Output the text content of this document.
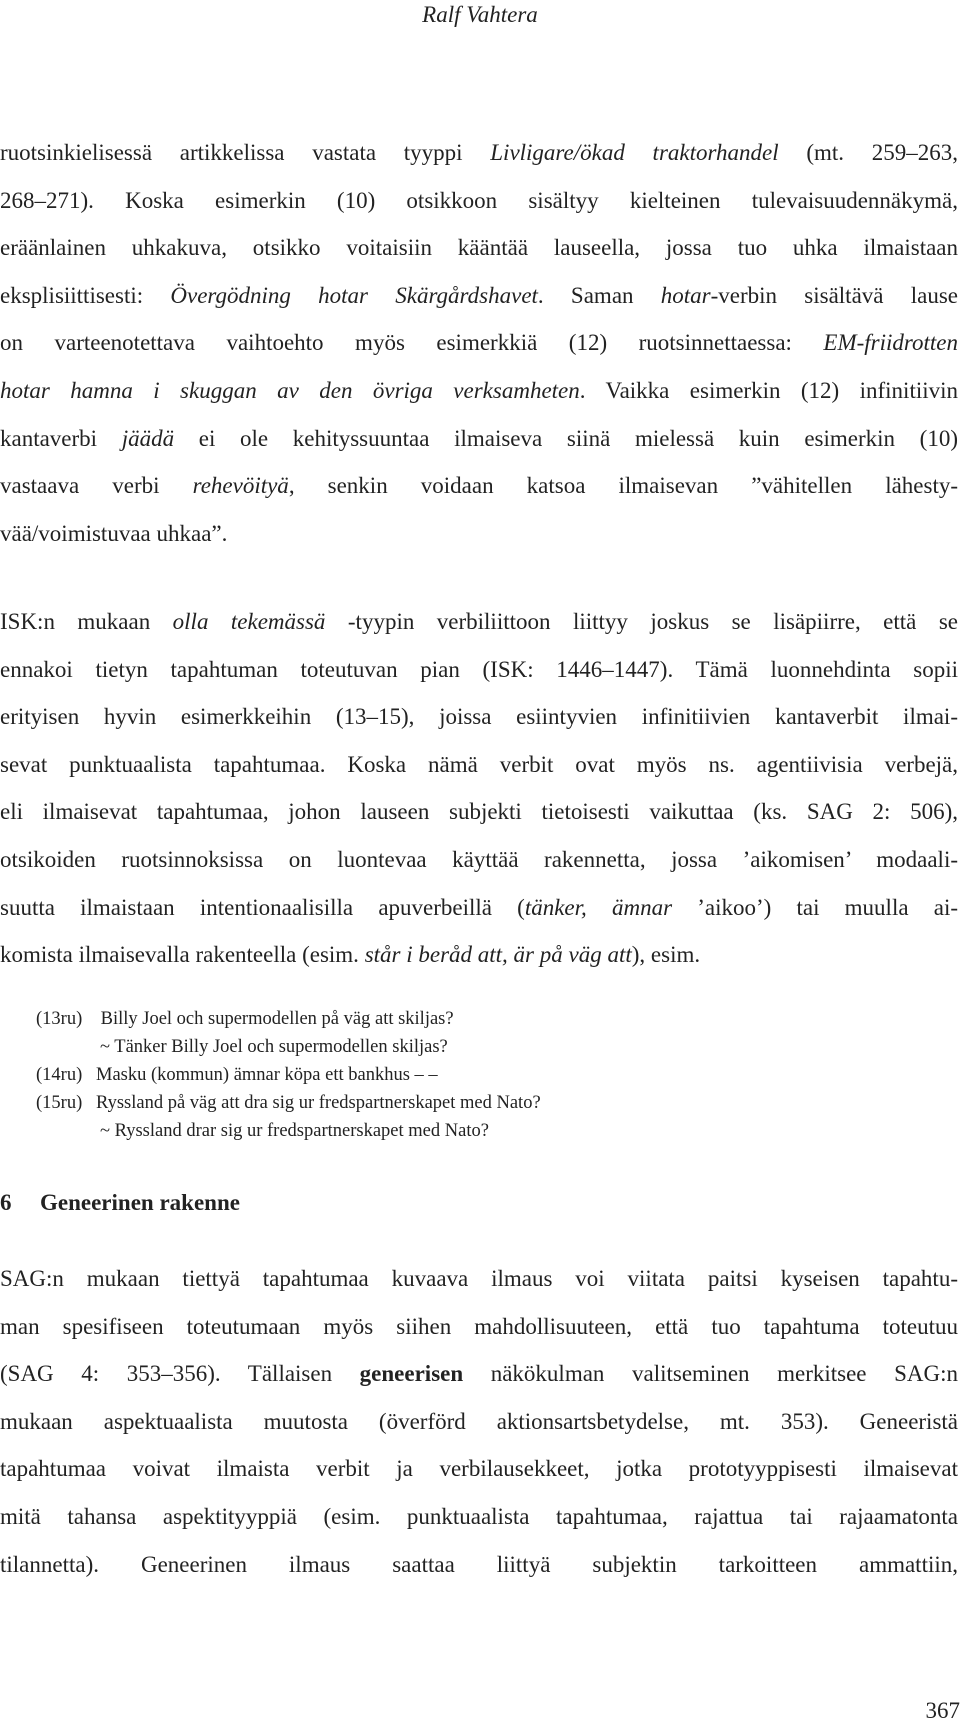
Ralf Vahtera
ruotsinkielisessä artikkelissa vastata tyyppi Livligare/ökad traktorhandel (mt. 259–263,
268–271). Koska esimerkin (10) otsikkoon sisältyy kielteinen tulevaisuudennäkymä,
eräänlainen uhkakuva, otsikko voitaisiin kääntää lauseella, jossa tuo uhka ilmaistaan
eksplisiittisesti: Övergödning hotar Skärgårdshavet. Saman hotar-verbin sisältävä lause
on varteenotettava vaihtoehto myös esimerkkiä (12) ruotsinnettaessa: EM-friidrotten
hotar hamna i skuggan av den övriga verksamheten. Vaikka esimerkin (12) infinitiivin
kantaverbi jäädä ei ole kehityssuuntaa ilmaiseva siinä mielessä kuin esimerkin (10)
vastaava verbi rehevöityä, senkin voidaan katsoa ilmaisevan ”vähitellen lähesty-
vää/voimistuvaa uhkaa”.
ISK:n mukaan olla tekemässä -tyypin verbiliittoon liittyy joskus se lisäpiirre, että se
ennakoi tietyn tapahtuman toteutuvan pian (ISK: 1446–1447). Tämä luonnehdinta sopii
erityisen hyvin esimerkkeihin (13–15), joissa esiintyvien infinitiivien kantaverbit ilmai-
sevat punktuaalista tapahtumaa. Koska nämä verbit ovat myös ns. agentiivisia verbejä,
eli ilmaisevat tapahtumaa, johon lauseen subjekti tietoisesti vaikuttaa (ks. SAG 2: 506),
otsikoiden ruotsinnoksissa on luontevaa käyttää rakennetta, jossa ’aikomisen’ modaali-
suutta ilmaistaan intentionaalisilla apuverbeillä (tänker, ämnar ’aikoo’) tai muulla ai-
komista ilmaisevalla rakenteella (esim. står i beråd att, är på väg att), esim.
(13ru) Billy Joel och supermodellen på väg att skiljas?
~ Tänker Billy Joel och supermodellen skiljas?
(14ru) Masku (kommun) ämnar köpa ett bankhus – –
(15ru) Ryssland på väg att dra sig ur fredspartnerskapet med Nato?
~ Ryssland drar sig ur fredspartnerskapet med Nato?
6 Geneerinen rakenne
SAG:n mukaan tiettyä tapahtumaa kuvaava ilmaus voi viitata paitsi kyseisen tapahtu-
man spesifiseen toteutumaan myös siihen mahdollisuuteen, että tuo tapahtuma toteutuu
(SAG 4: 353–356). Tällaisen geneerisen näkökulman valitseminen merkitsee SAG:n
mukaan aspektuaalista muutosta (överförd aktionsartsbetydelse, mt. 353). Geneeristä
tapahtumaa voivat ilmaista verbit ja verbilausekkeet, jotka prototyyppisesti ilmaisevat
mitä tahansa aspektityyppiä (esim. punktuaalista tapahtumaa, rajattua tai rajaamatonta
tilannetta). Geneerinen ilmaus saattaa liittyä subjektin tarkoitteen ammattiin,
367
